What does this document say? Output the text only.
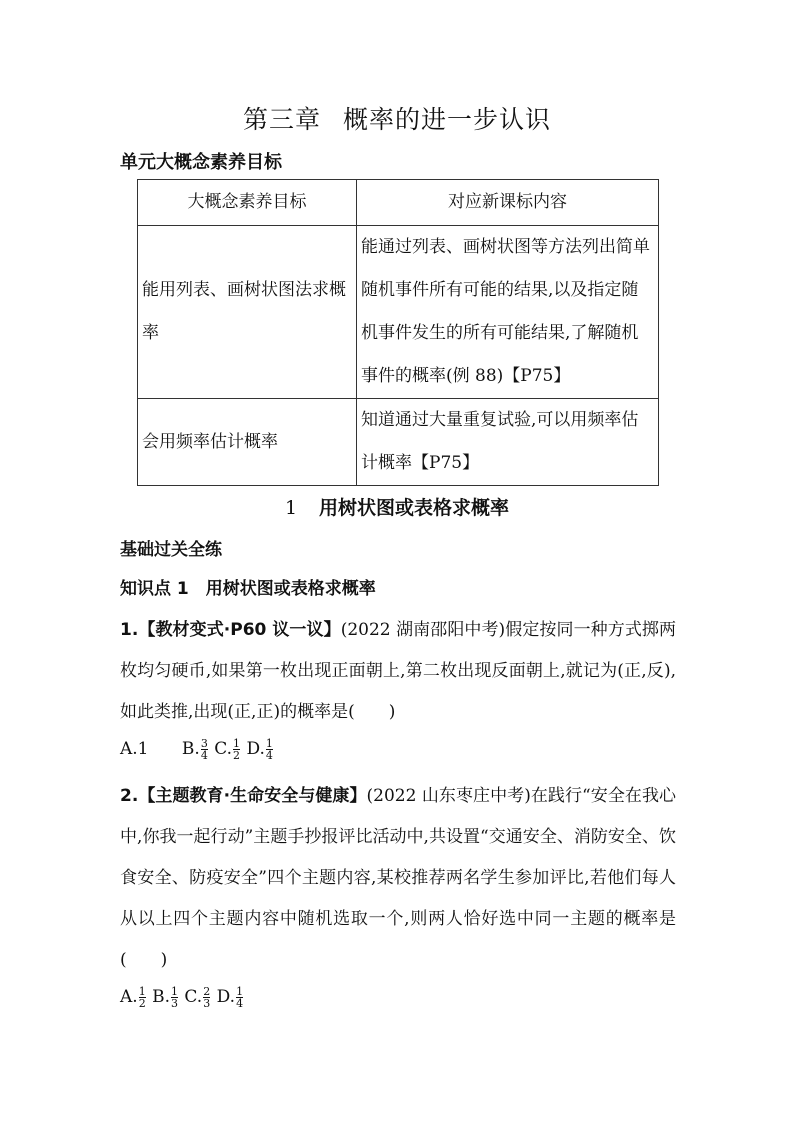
第三章 概率的进一步认识
单元大概念素养目标
大概念素养目标	对应新课标内容
能用列表、画树状图法求概率	能通过列表、画树状图等方法列出简单随机事件所有可能的结果,以及指定随机事件发生的所有可能结果,了解随机事件的概率(例 88)【P75】
会用频率估计概率	知道通过大量重复试验,可以用频率估计概率【P75】
1 用树状图或表格求概率
基础过关全练
知识点 1　用树状图或表格求概率
1.【教材变式·P60 议一议】(2022 湖南邵阳中考)假定按同一种方式掷两枚均匀硬币,如果第一枚出现正面朝上,第二枚出现反面朝上,就记为(正,反),如此类推,出现(正,正)的概率是(　　)
A.1 B. $\frac{3}{4} C$. $\frac{1}{2} D$. $\frac{1}{4}$
2.【主题教育·生命安全与健康】(2022 山东枣庄中考)在践行“安全在我心中,你我一起行动”主题手抄报评比活动中,共设置“交通安全、消防安全、饮食安全、防疫安全”四个主题内容,某校推荐两名学生参加评比,若他们每人从以上四个主题内容中随机选取一个,则两人恰好选中同一主题的概率是(　　)
A. $\frac{1}{2} B$. $\frac{1}{3} C$. $\frac{2}{3} D$. $\frac{1}{4}$
